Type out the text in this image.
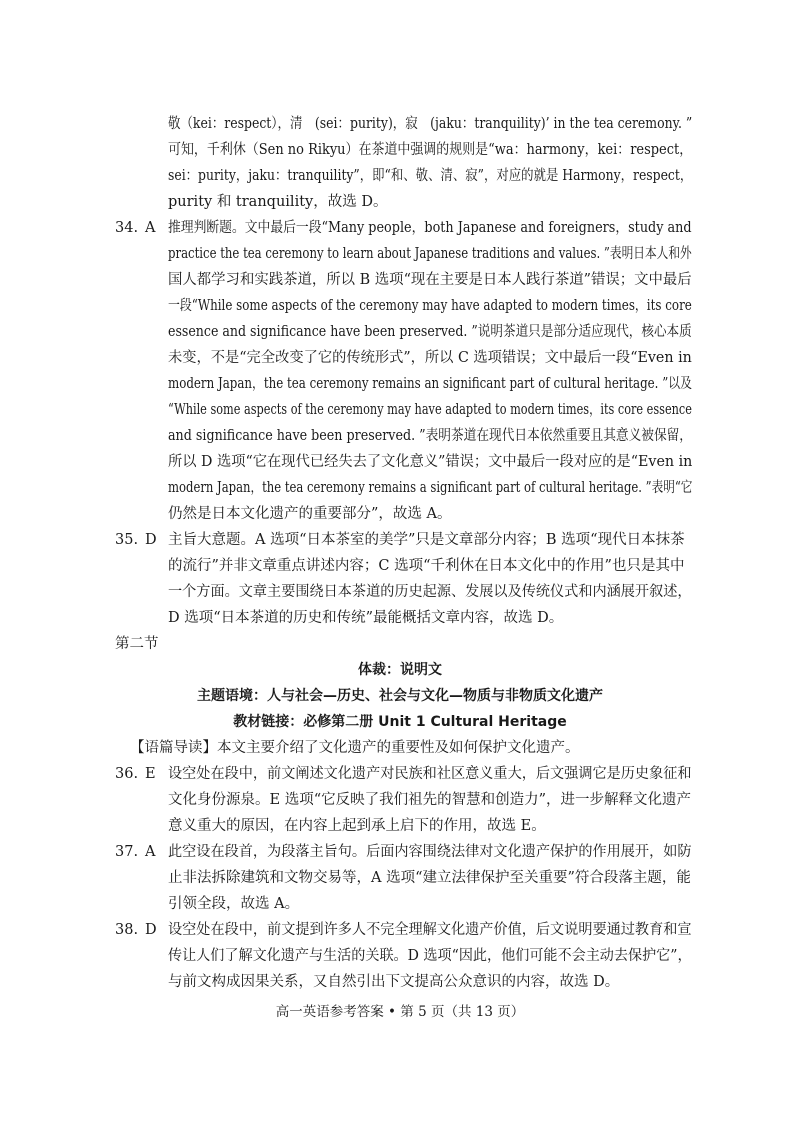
敬（kei：respect），清　(sei：purity)，寂　(jaku：tranquility)’ in the tea ceremony. ”
可知，千利休（Sen no Rikyu）在茶道中强调的规则是“wa：harmony，kei：respect，
sei：purity，jaku：tranquility”，即“和、敬、清、寂”，对应的就是 Harmony，respect，
purity 和 tranquility，故选 D。
34. A 推理判断题。文中最后一段“Many people，both Japanese and foreigners，study and
practice the tea ceremony to learn about Japanese traditions and values. ”表明日本人和外
国人都学习和实践茶道，所以 B 选项“现在主要是日本人践行茶道”错误；文中最后
一段“While some aspects of the ceremony may have adapted to modern times，its core
essence and significance have been preserved. ”说明茶道只是部分适应现代，核心本质
未变，不是“完全改变了它的传统形式”，所以 C 选项错误；文中最后一段“Even in
modern Japan，the tea ceremony remains an significant part of cultural heritage. ”以及
“While some aspects of the ceremony may have adapted to modern times，its core essence
and significance have been preserved. ”表明茶道在现代日本依然重要且其意义被保留，
所以 D 选项“它在现代已经失去了文化意义”错误；文中最后一段对应的是“Even in
modern Japan，the tea ceremony remains a significant part of cultural heritage. ”表明“它
仍然是日本文化遗产的重要部分”，故选 A。
35. D 主旨大意题。A 选项“日本茶室的美学”只是文章部分内容；B 选项“现代日本抹茶
的流行”并非文章重点讲述内容；C 选项“千利休在日本文化中的作用”也只是其中
一个方面。文章主要围绕日本茶道的历史起源、发展以及传统仪式和内涵展开叙述，
D 选项“日本茶道的历史和传统”最能概括文章内容，故选 D。
第二节
体裁：说明文
主题语境：人与社会—历史、社会与文化—物质与非物质文化遗产
教材链接：必修第二册 Unit 1 Cultural Heritage
【语篇导读】本文主要介绍了文化遗产的重要性及如何保护文化遗产。
36. E 设空处在段中，前文阐述文化遗产对民族和社区意义重大，后文强调它是历史象征和
文化身份源泉。E 选项“它反映了我们祖先的智慧和创造力”，进一步解释文化遗产
意义重大的原因，在内容上起到承上启下的作用，故选 E。
37. A 此空设在段首，为段落主旨句。后面内容围绕法律对文化遗产保护的作用展开，如防
止非法拆除建筑和文物交易等，A 选项“建立法律保护至关重要”符合段落主题，能
引领全段，故选 A。
38. D 设空处在段中，前文提到许多人不完全理解文化遗产价值，后文说明要通过教育和宣
传让人们了解文化遗产与生活的关联。D 选项“因此，他们可能不会主动去保护它”，
与前文构成因果关系，又自然引出下文提高公众意识的内容，故选 D。
高一英语参考答案 • 第 5 页（共 13 页）
